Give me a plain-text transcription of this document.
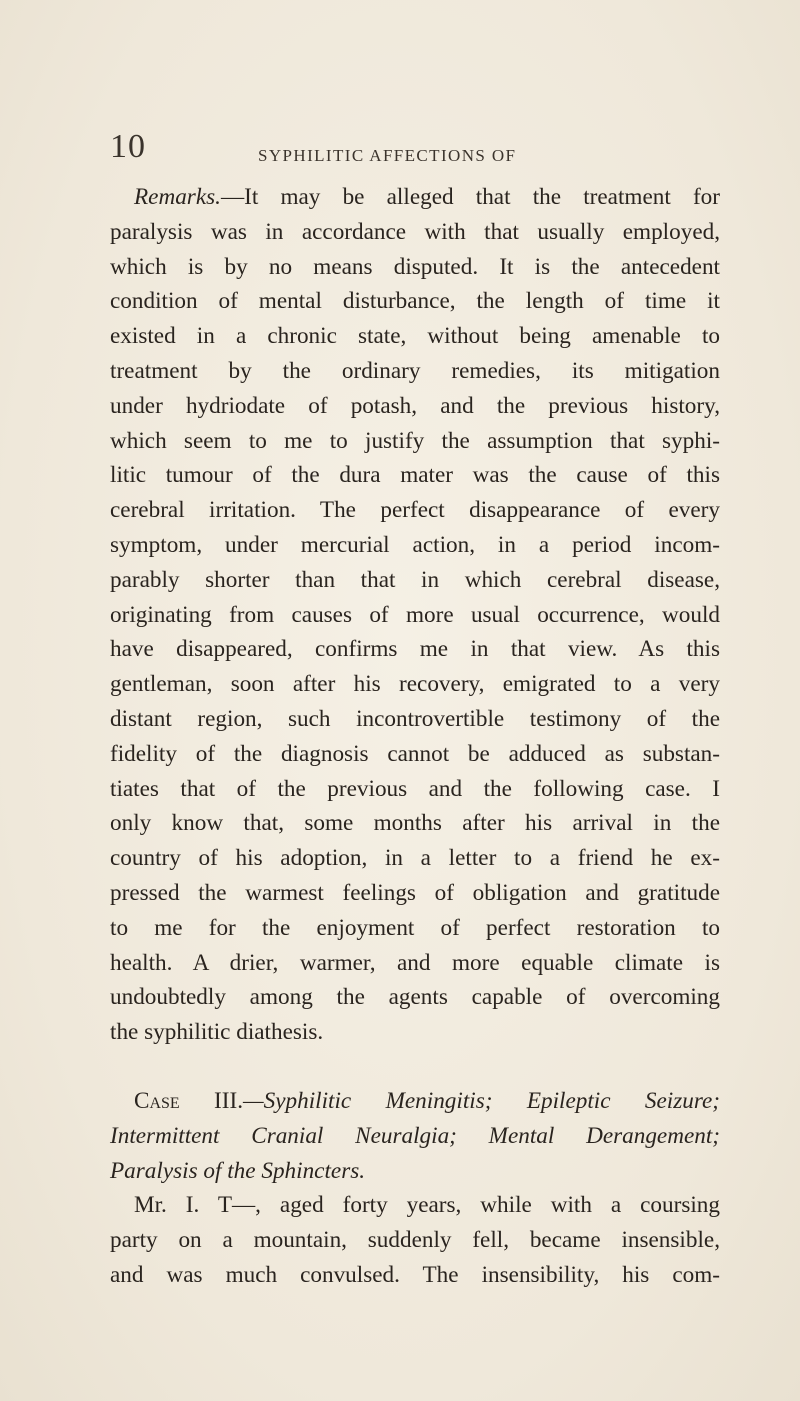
10	SYPHILITIC AFFECTIONS OF
Remarks.—It may be alleged that the treatment for
paralysis was in accordance with that usually employed,
which is by no means disputed. It is the antecedent
condition of mental disturbance, the length of time it
existed in a chronic state, without being amenable to
treatment by the ordinary remedies, its mitigation
under hydriodate of potash, and the previous history,
which seem to me to justify the assumption that syphi-
litic tumour of the dura mater was the cause of this
cerebral irritation. The perfect disappearance of every
symptom, under mercurial action, in a period incom-
parably shorter than that in which cerebral disease,
originating from causes of more usual occurrence, would
have disappeared, confirms me in that view. As this
gentleman, soon after his recovery, emigrated to a very
distant region, such incontrovertible testimony of the
fidelity of the diagnosis cannot be adduced as substan-
tiates that of the previous and the following case. I
only know that, some months after his arrival in the
country of his adoption, in a letter to a friend he ex-
pressed the warmest feelings of obligation and gratitude
to me for the enjoyment of perfect restoration to
health. A drier, warmer, and more equable climate is
undoubtedly among the agents capable of overcoming
the syphilitic diathesis.
Case III.—Syphilitic Meningitis; Epileptic Seizure;
Intermittent Cranial Neuralgia; Mental Derangement;
Paralysis of the Sphincters.
Mr. I. T—, aged forty years, while with a coursing
party on a mountain, suddenly fell, became insensible,
and was much convulsed. The insensibility, his com-
